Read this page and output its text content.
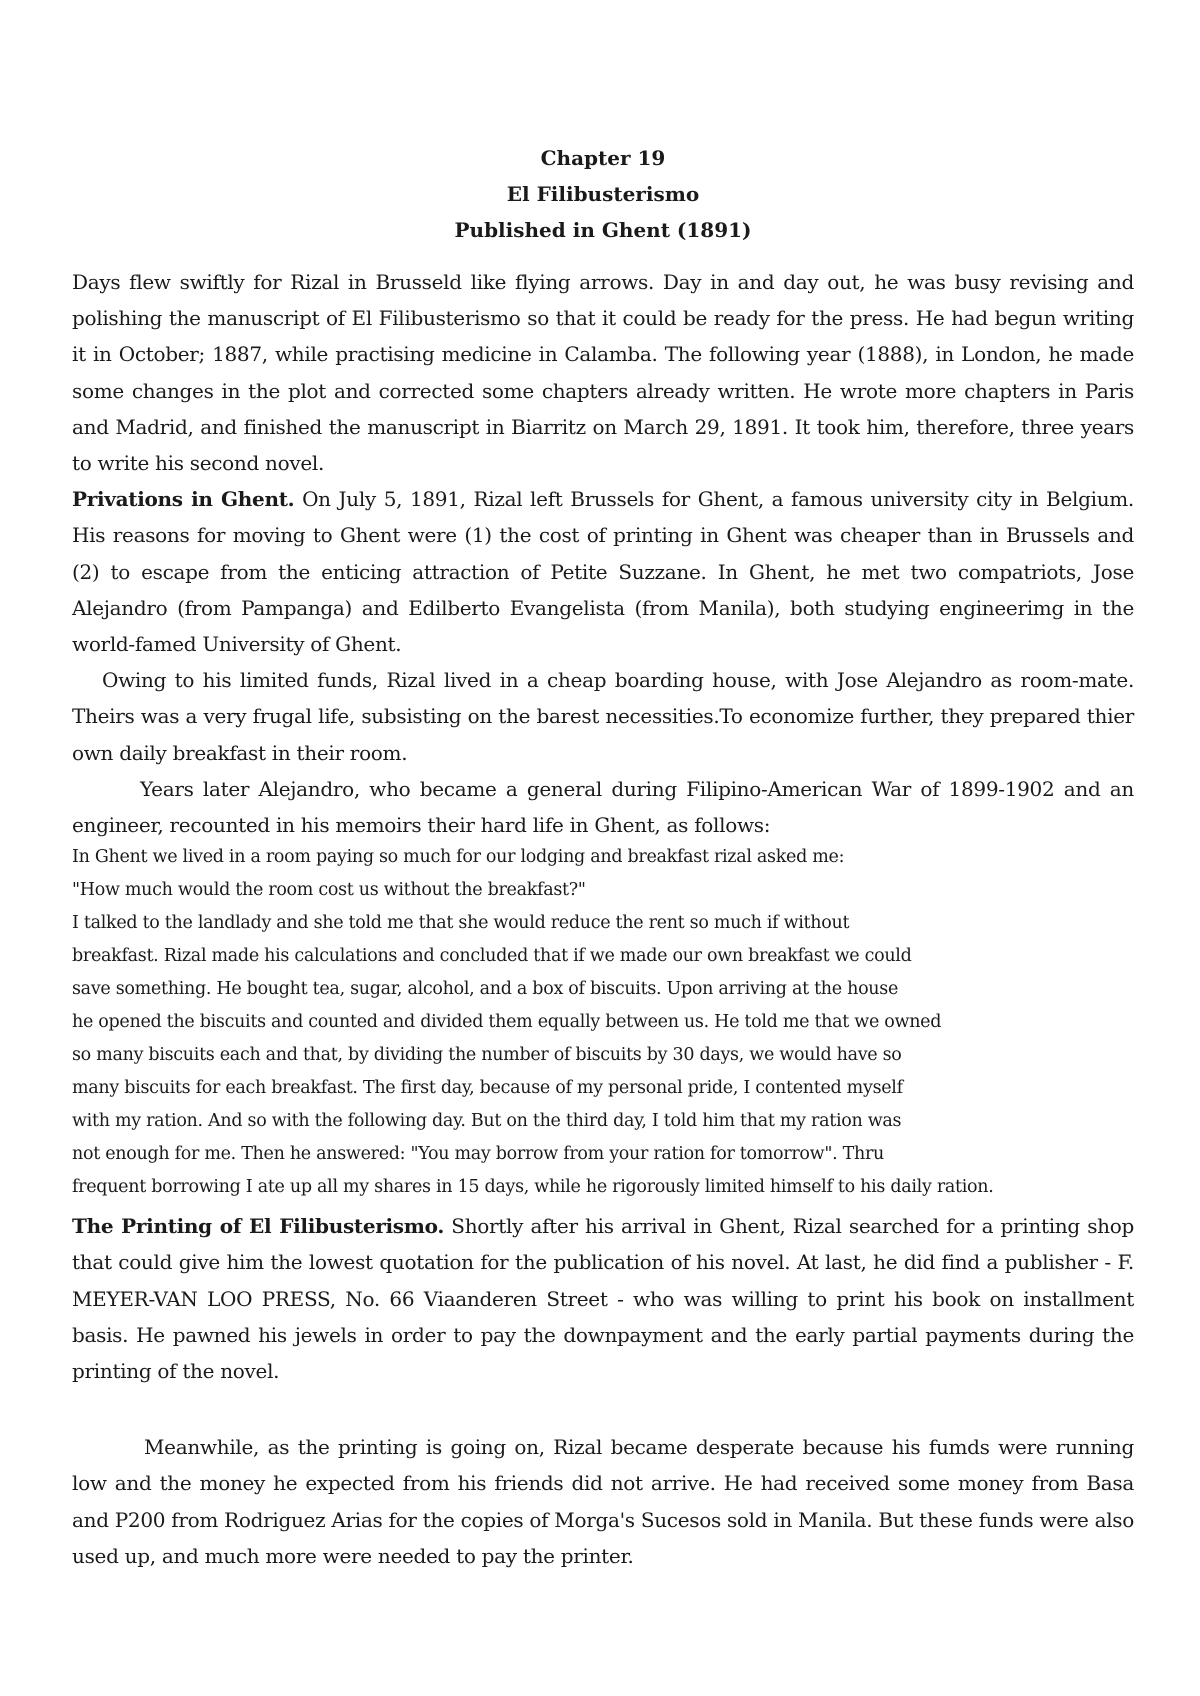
Chapter 19

El Filibusterismo

Published in Ghent (1891)

Days flew swiftly for Rizal in Brusseld like flying arrows. Day in and day out, he was busy revising and polishing the manuscript of El Filibusterismo so that it could be ready for the press. He had begun writing it in October; 1887, while practising medicine in Calamba. The following year (1888), in London, he made some changes in the plot and corrected some chapters already written. He wrote more chapters in Paris and Madrid, and finished the manuscript in Biarritz on March 29, 1891. It took him, therefore, three years to write his second novel.

Privations in Ghent. On July 5, 1891, Rizal left Brussels for Ghent, a famous university city in Belgium. His reasons for moving to Ghent were (1) the cost of printing in Ghent was cheaper than in Brussels and (2) to escape from the enticing attraction of Petite Suzzane. In Ghent, he met two compatriots, Jose Alejandro (from Pampanga) and Edilberto Evangelista (from Manila), both studying engineerimg in the world-famed University of Ghent.

Owing to his limited funds, Rizal lived in a cheap boarding house, with Jose Alejandro as room-mate. Theirs was a very frugal life, subsisting on the barest necessities.To economize further, they prepared thier own daily breakfast in their room.

Years later Alejandro, who became a general during Filipino-American War of 1899-1902 and an engineer, recounted in his memoirs their hard life in Ghent, as follows:

In Ghent we lived in a room paying so much for our lodging and breakfast rizal asked me:
"How much would the room cost us without the breakfast?"
I talked to the landlady and she told me that she would reduce the rent so much if without
breakfast. Rizal made his calculations and concluded that if we made our own breakfast we could
save something. He bought tea, sugar, alcohol, and a box of biscuits. Upon arriving at the house
he opened the biscuits and counted and divided them equally between us. He told me that we owned
so many biscuits each and that, by dividing the number of biscuits by 30 days, we would have so
many biscuits for each breakfast. The first day, because of my personal pride, I contented myself
with my ration. And so with the following day. But on the third day, I told him that my ration was
not enough for me. Then he answered: "You may borrow from your ration for tomorrow". Thru
frequent borrowing I ate up all my shares in 15 days, while he rigorously limited himself to his daily ration.

The Printing of El Filibusterismo. Shortly after his arrival in Ghent, Rizal searched for a printing shop that could give him the lowest quotation for the publication of his novel. At last, he did find a publisher - F. MEYER-VAN LOO PRESS, No. 66 Viaanderen Street - who was willing to print his book on installment basis. He pawned his jewels in order to pay the downpayment and the early partial payments during the printing of the novel.

Meanwhile, as the printing is going on, Rizal became desperate because his fumds were running low and the money he expected from his friends did not arrive. He had received some money from Basa and P200 from Rodriguez Arias for the copies of Morga's Sucesos sold in Manila. But these funds were also used up, and much more were needed to pay the printer.
